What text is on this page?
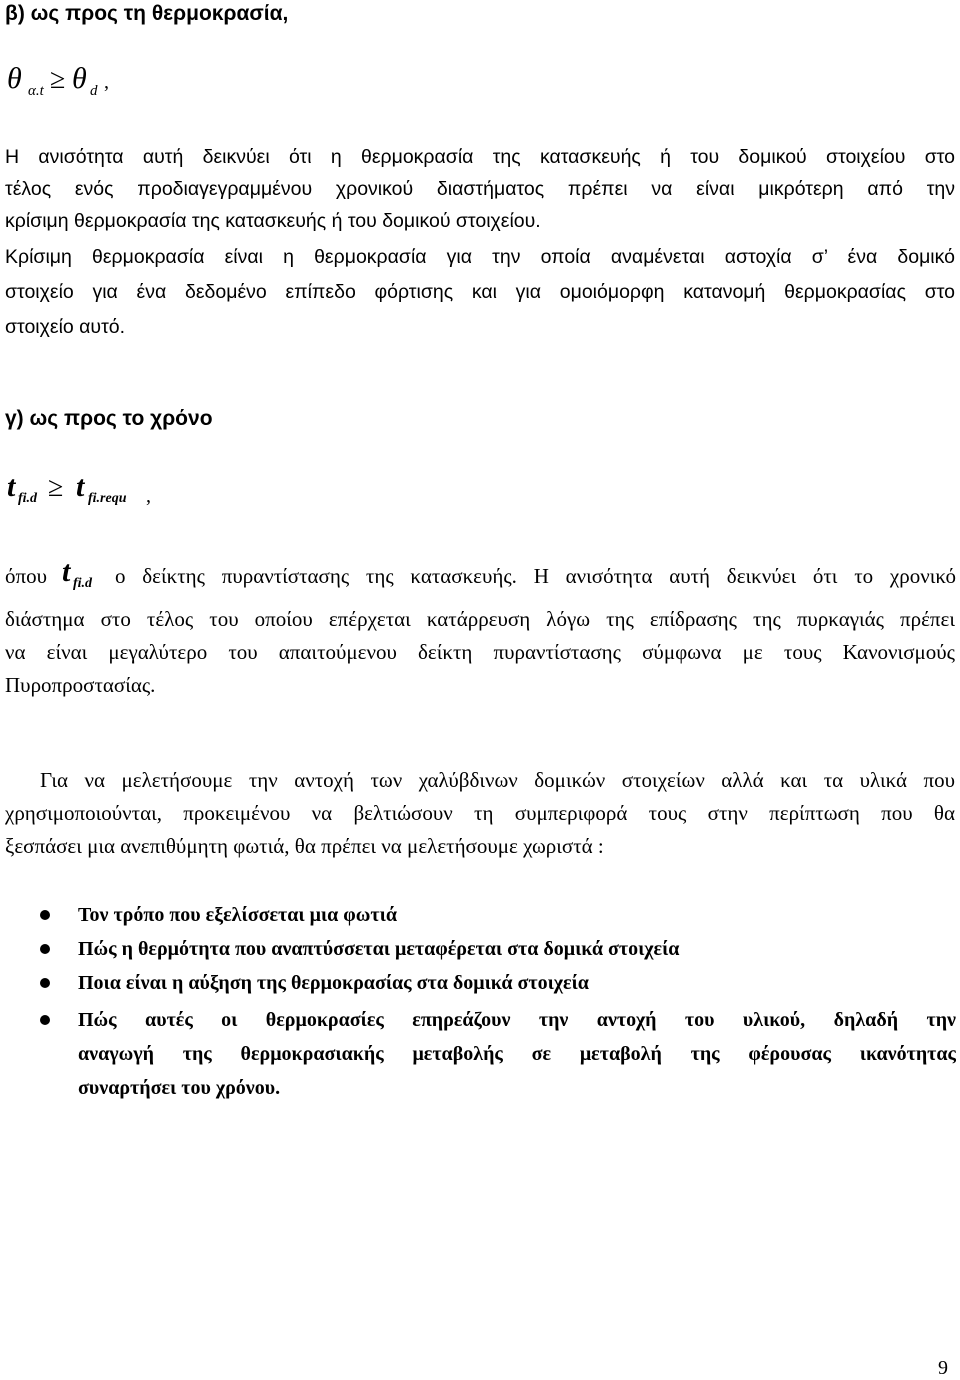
β) ως προς τη θερμοκρασία,
θ α.t ≥ θ d ,
Η ανισότητα αυτή δεικνύει ότι η θερμοκρασία της κατασκευής ή του δομικού στοιχείου στο
τέλος ενός προδιαγεγραμμένου χρονικού διαστήματος πρέπει να είναι μικρότερη από την
κρίσιμη θερμοκρασία της κατασκευής ή του δομικού στοιχείου.
Κρίσιμη θερμοκρασία είναι η θερμοκρασία για την οποία αναμένεται αστοχία σ’ ένα δομικό
στοιχείο για ένα δεδομένο επίπεδο φόρτισης και για ομοιόμορφη κατανομή θερμοκρασίας στο
στοιχείο αυτό.
γ) ως προς το χρόνο
t fi.d ≥ t fi.requ ,
όπου t fi.d ο δείκτης πυραντίστασης της κατασκευής. Η ανισότητα αυτή δεικνύει ότι το χρονικό
διάστημα στο τέλος του οποίου επέρχεται κατάρρευση λόγω της επίδρασης της πυρκαγιάς πρέπει
να είναι μεγαλύτερο του απαιτούμενου δείκτη πυραντίστασης σύμφωνα με τους Κανονισμούς
Πυροπροστασίας.
Για να μελετήσουμε την αντοχή των χαλύβδινων δομικών στοιχείων αλλά και τα υλικά που
χρησιμοποιούνται, προκειμένου να βελτιώσουν τη συμπεριφορά τους στην περίπτωση που θα
ξεσπάσει μια ανεπιθύμητη φωτιά, θα πρέπει να μελετήσουμε χωριστά :
Τον τρόπο που εξελίσσεται μια φωτιά
Πώς η θερμότητα που αναπτύσσεται μεταφέρεται στα δομικά στοιχεία
Ποια είναι η αύξηση της θερμοκρασίας στα δομικά στοιχεία
Πώς αυτές οι θερμοκρασίες επηρεάζουν την αντοχή του υλικού, δηλαδή την
αναγωγή της θερμοκρασιακής μεταβολής σε μεταβολή της φέρουσας ικανότητας
συναρτήσει του χρόνου.
9
